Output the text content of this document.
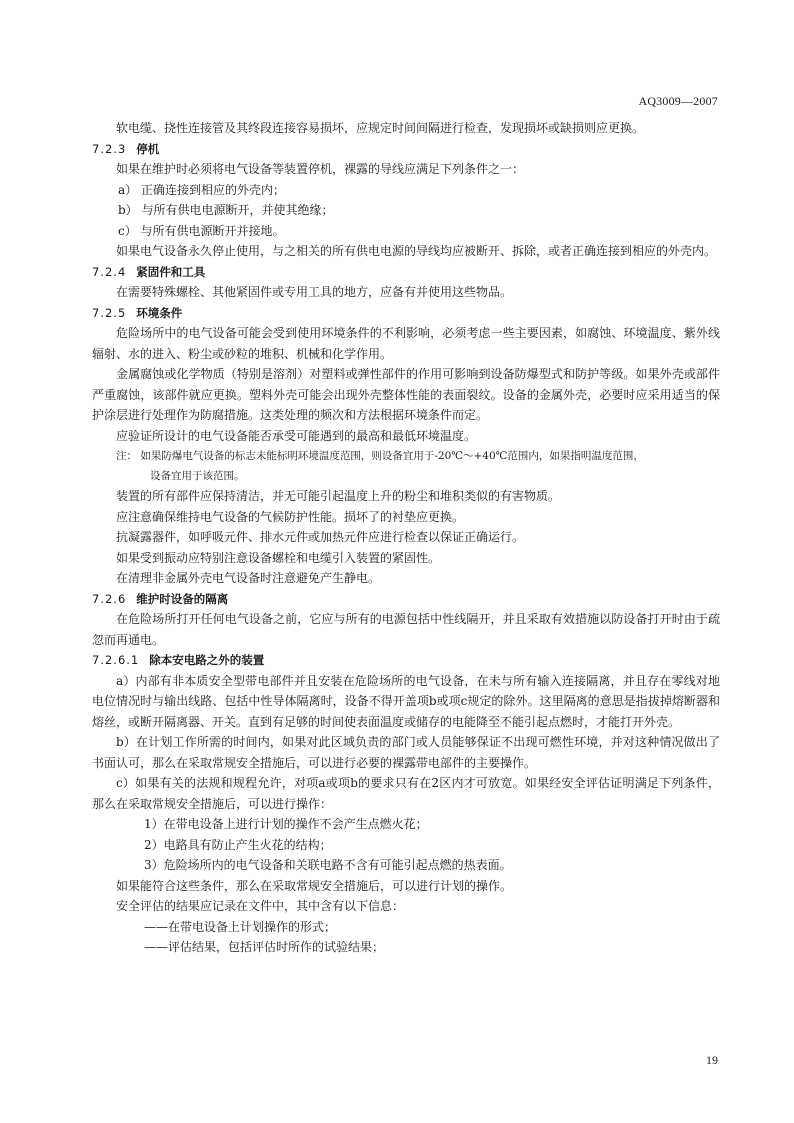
AQ3009—2007

软电缆、挠性连接管及其终段连接容易损坏，应规定时间间隔进行检查，发现损坏或缺损则应更换。

7.2.3 停机

如果在维护时必须将电气设备等装置停机，裸露的导线应满足下列条件之一：

a） 正确连接到相应的外壳内；

b） 与所有供电电源断开，并使其绝缘；

c） 与所有供电源断开并接地。

如果电气设备永久停止使用，与之相关的所有供电电源的导线均应被断开、拆除，或者正确连接到相应的外壳内。

7.2.4 紧固件和工具

在需要特殊螺栓、其他紧固件或专用工具的地方，应备有并使用这些物品。

7.2.5 环境条件

危险场所中的电气设备可能会受到使用环境条件的不利影响，必须考虑一些主要因素，如腐蚀、环境温度、紫外线辐射、水的进入、粉尘或砂粒的堆积、机械和化学作用。

金属腐蚀或化学物质（特别是溶剂）对塑料或弹性部件的作用可影响到设备防爆型式和防护等级。如果外壳或部件严重腐蚀，该部件就应更换。塑料外壳可能会出现外壳整体性能的表面裂纹。设备的金属外壳，必要时应采用适当的保护涂层进行处理作为防腐措施。这类处理的频次和方法根据环境条件而定。

应验证所设计的电气设备能否承受可能遇到的最高和最低环境温度。

注： 如果防爆电气设备的标志未能标明环境温度范围，则设备宜用于-20℃～+40℃范围内，如果指明温度范围，

设备宜用于该范围。

装置的所有部件应保持清洁，并无可能引起温度上升的粉尘和堆积类似的有害物质。

应注意确保维持电气设备的气候防护性能。损坏了的衬垫应更换。

抗凝露器件，如呼吸元件、排水元件或加热元件应进行检查以保证正确运行。

如果受到振动应特别注意设备螺栓和电缆引入装置的紧固性。

在清理非金属外壳电气设备时注意避免产生静电。

7.2.6 维护时设备的隔离

在危险场所打开任何电气设备之前，它应与所有的电源包括中性线隔开，并且采取有效措施以防设备打开时由于疏忽而再通电。

7.2.6.1 除本安电路之外的装置

a）内部有非本质安全型带电部件并且安装在危险场所的电气设备，在未与所有输入连接隔离，并且存在零线对地电位情况时与输出线路、包括中性导体隔离时，设备不得开盖项b或项c规定的除外。这里隔离的意思是指拔掉熔断器和熔丝，或断开隔离器、开关。直到有足够的时间使表面温度或储存的电能降至不能引起点燃时，才能打开外壳。

b）在计划工作所需的时间内，如果对此区域负责的部门或人员能够保证不出现可燃性环境，并对这种情况做出了书面认可，那么在采取常规安全措施后，可以进行必要的裸露带电部件的主要操作。

c）如果有关的法规和规程允许，对项a或项b的要求只有在2区内才可放宽。如果经安全评估证明满足下列条件，那么在采取常规安全措施后，可以进行操作：

1）在带电设备上进行计划的操作不会产生点燃火花；

2）电路具有防止产生火花的结构；

3）危险场所内的电气设备和关联电路不含有可能引起点燃的热表面。

如果能符合这些条件，那么在采取常规安全措施后，可以进行计划的操作。

安全评估的结果应记录在文件中，其中含有以下信息：

——在带电设备上计划操作的形式；

——评估结果，包括评估时所作的试验结果；

19
